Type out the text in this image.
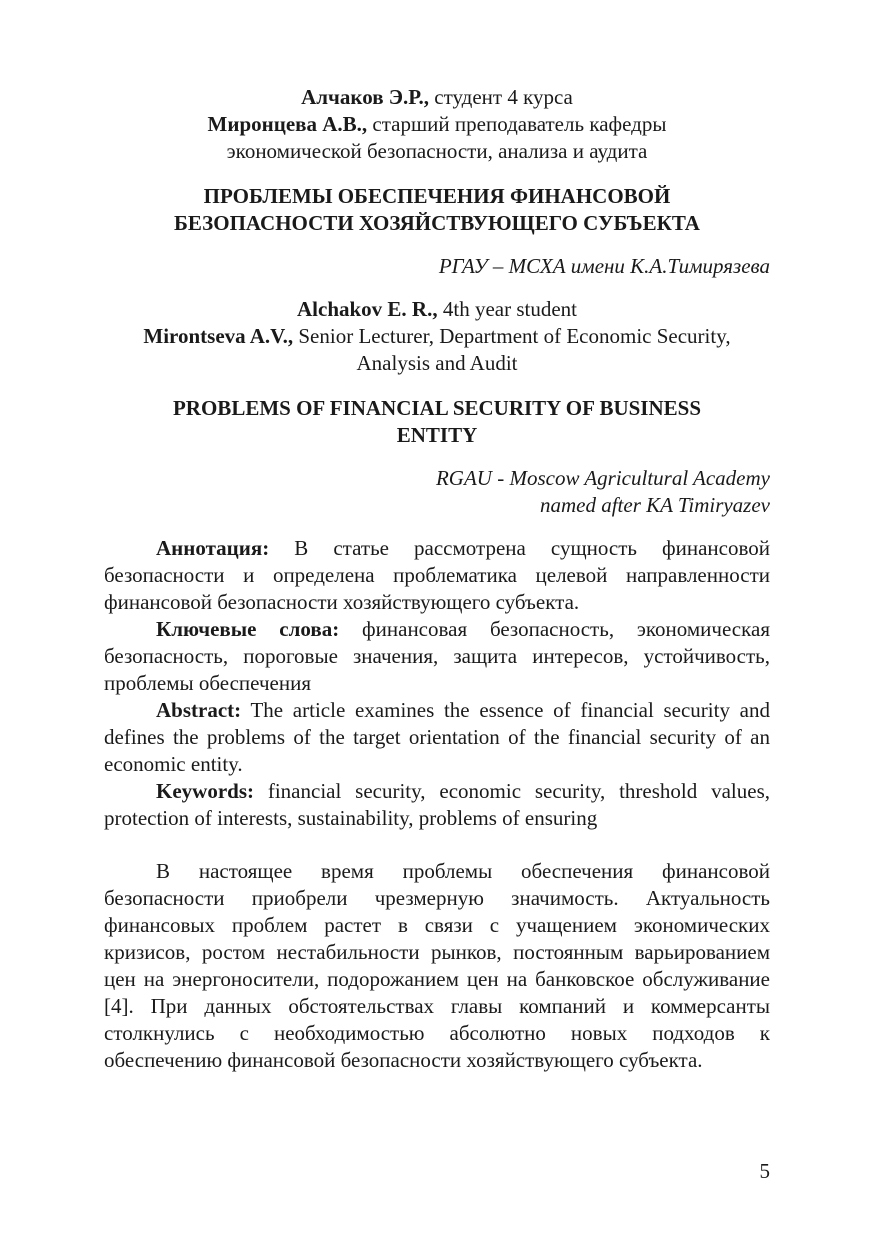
Алчаков Э.Р., студент 4 курса
Миронцева А.В., старший преподаватель кафедры
экономической безопасности, анализа и аудита
ПРОБЛЕМЫ ОБЕСПЕЧЕНИЯ ФИНАНСОВОЙ
БЕЗОПАСНОСТИ ХОЗЯЙСТВУЮЩЕГО СУБЪЕКТА
РГАУ – МСХА имени К.А.Тимирязева
Alchakov E. R., 4th year student
Mirontseva A.V., Senior Lecturer, Department of Economic Security,
Analysis and Audit
PROBLEMS OF FINANCIAL SECURITY OF BUSINESS
ENTITY
RGAU - Moscow Agricultural Academy
named after KA Timiryazev

Аннотация: В статье рассмотрена сущность финансовой безопасности и определена проблематика целевой направленности финансовой безопасности хозяйствующего субъекта.

Ключевые слова: финансовая безопасность, экономическая безопасность, пороговые значения, защита интересов, устойчивость, проблемы обеспечения

Abstract: The article examines the essence of financial security and defines the problems of the target orientation of the financial security of an economic entity.

Keywords: financial security, economic security, threshold values, protection of interests, sustainability, problems of ensuring

В настоящее время проблемы обеспечения финансовой безопасности приобрели чрезмерную значимость. Актуальность финансовых проблем растет в связи с учащением экономических кризисов, ростом нестабильности рынков, постоянным варьированием цен на энергоносители, подорожанием цен на банковское обслуживание [4]. При данных обстоятельствах главы компаний и коммерсанты столкнулись с необходимостью абсолютно новых подходов к обеспечению финансовой безопасности хозяйствующего субъекта.

5
